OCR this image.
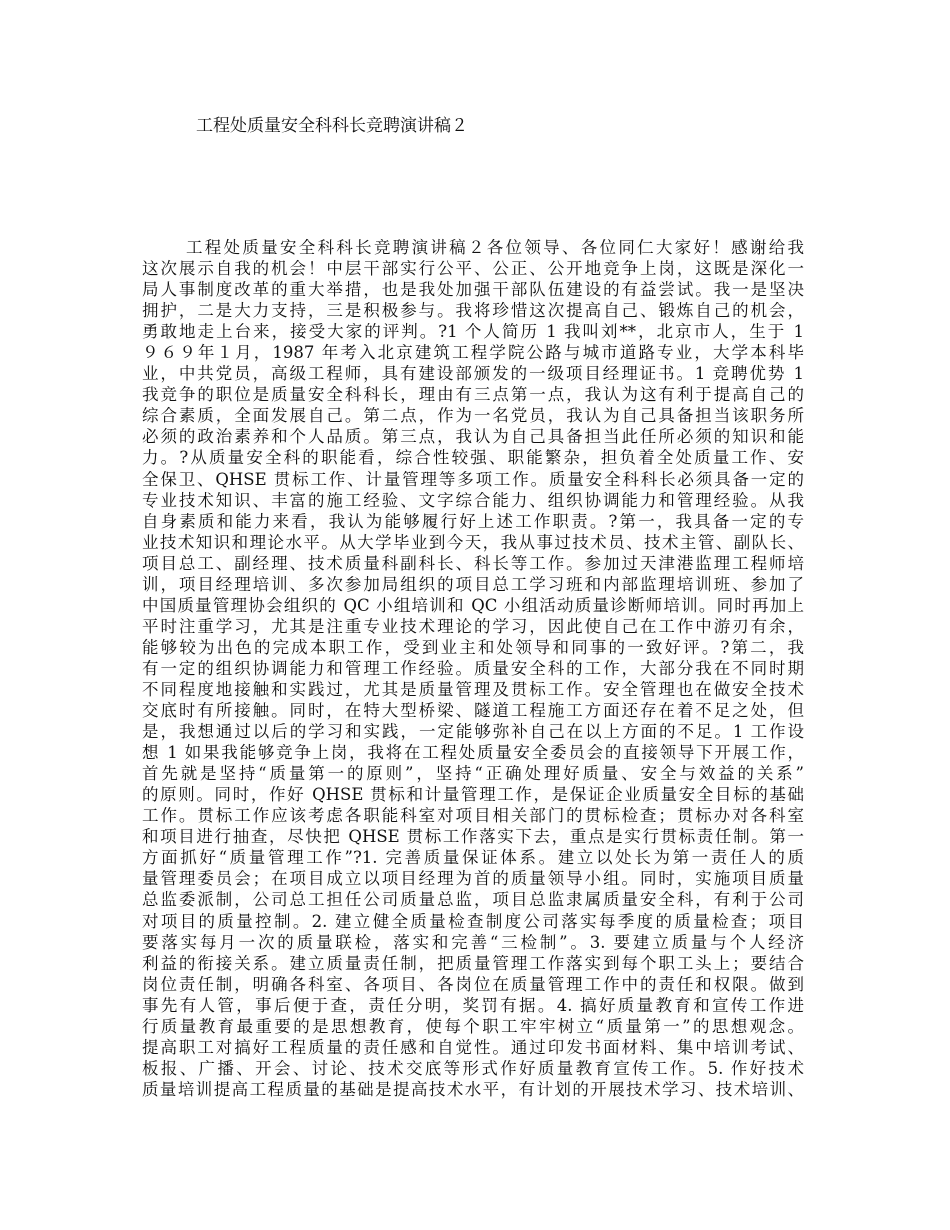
工程处质量安全科科长竞聘演讲稿２
工程处质量安全科科长竞聘演讲稿２各位领导、各位同仁大家好！感谢给我
这次展示自我的机会！中层干部实行公平、公正、公开地竞争上岗，这既是深化一
局人事制度改革的重大举措，也是我处加强干部队伍建设的有益尝试。我一是坚决
拥护，二是大力支持，三是积极参与。我将珍惜这次提高自己、锻炼自己的机会，
勇敢地走上台来，接受大家的评判。?1 个人简历 1 我叫刘**，北京市人，生于 1
９６９年１月，1987 年考入北京建筑工程学院公路与城市道路专业，大学本科毕
业，中共党员，高级工程师，具有建设部颁发的一级项目经理证书。1 竞聘优势 1
我竞争的职位是质量安全科科长，理由有三点第一点，我认为这有利于提高自己的
综合素质，全面发展自己。第二点，作为一名党员，我认为自己具备担当该职务所
必须的政治素养和个人品质。第三点，我认为自己具备担当此任所必须的知识和能
力。?从质量安全科的职能看，综合性较强、职能繁杂，担负着全处质量工作、安
全保卫、QHSE 贯标工作、计量管理等多项工作。质量安全科科长必须具备一定的
专业技术知识、丰富的施工经验、文字综合能力、组织协调能力和管理经验。从我
自身素质和能力来看，我认为能够履行好上述工作职责。?第一，我具备一定的专
业技术知识和理论水平。从大学毕业到今天，我从事过技术员、技术主管、副队长、
项目总工、副经理、技术质量科副科长、科长等工作。参加过天津港监理工程师培
训，项目经理培训、多次参加局组织的项目总工学习班和内部监理培训班、参加了
中国质量管理协会组织的 QC 小组培训和 QC 小组活动质量诊断师培训。同时再加上
平时注重学习，尤其是注重专业技术理论的学习，因此使自己在工作中游刃有余，
能够较为出色的完成本职工作，受到业主和处领导和同事的一致好评。?第二，我
有一定的组织协调能力和管理工作经验。质量安全科的工作，大部分我在不同时期
不同程度地接触和实践过，尤其是质量管理及贯标工作。安全管理也在做安全技术
交底时有所接触。同时，在特大型桥梁、隧道工程施工方面还存在着不足之处，但
是，我想通过以后的学习和实践，一定能够弥补自己在以上方面的不足。1 工作设
想 1 如果我能够竞争上岗，我将在工程处质量安全委员会的直接领导下开展工作，
首先就是坚持“质量第一的原则”，坚持“正确处理好质量、安全与效益的关系”
的原则。同时，作好 QHSE 贯标和计量管理工作，是保证企业质量安全目标的基础
工作。贯标工作应该考虑各职能科室对项目相关部门的贯标检查；贯标办对各科室
和项目进行抽查，尽快把 QHSE 贯标工作落实下去，重点是实行贯标责任制。第一
方面抓好“质量管理工作”?1. 完善质量保证体系。建立以处长为第一责任人的质
量管理委员会；在项目成立以项目经理为首的质量领导小组。同时，实施项目质量
总监委派制，公司总工担任公司质量总监，项目总监隶属质量安全科，有利于公司
对项目的质量控制。2. 建立健全质量检查制度公司落实每季度的质量检查；项目
要落实每月一次的质量联检，落实和完善“三检制”。3. 要建立质量与个人经济
利益的衔接关系。建立质量责任制，把质量管理工作落实到每个职工头上；要结合
岗位责任制，明确各科室、各项目、各岗位在质量管理工作中的责任和权限。做到
事先有人管，事后便于查，责任分明，奖罚有据。4. 搞好质量教育和宣传工作进
行质量教育最重要的是思想教育，使每个职工牢牢树立“质量第一”的思想观念。
提高职工对搞好工程质量的责任感和自觉性。通过印发书面材料、集中培训考试、
板报、广播、开会、讨论、技术交底等形式作好质量教育宣传工作。5. 作好技术
质量培训提高工程质量的基础是提高技术水平，有计划的开展技术学习、技术培训、
